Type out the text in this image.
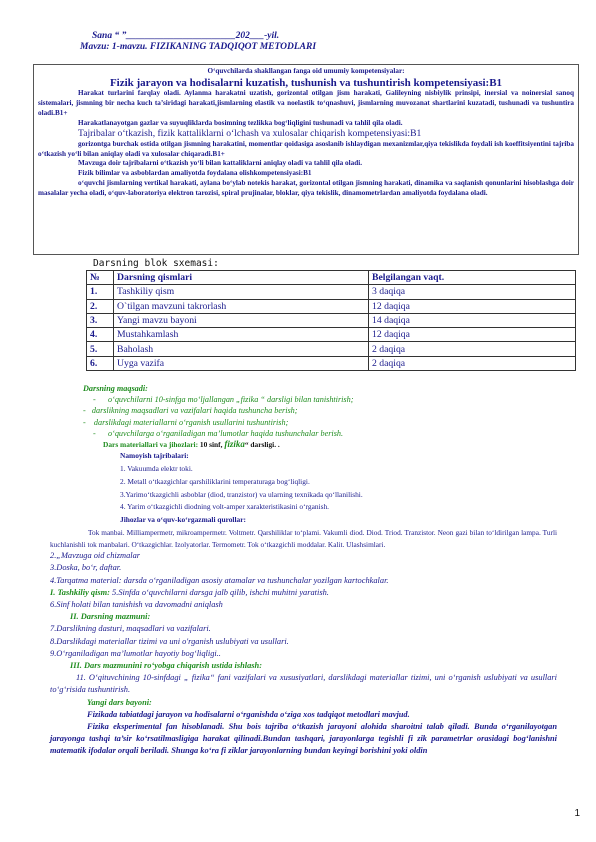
Sana “ ”_______________________202___-yil.
Mavzu: 1-mavzu. FIZIKANING TADQIQOT METODLARI

O‘quvchilarda shakllangan fanga oid umumiy kompetensiyalar:

Fizik jarayon va hodisalarni kuzatish, tushunish va tushuntirish kompetensiyasi:B1

Harakat turlarini farqlay oladi. Aylanma harakatni uzatish, gorizontal otilgan jism harakati, Galileyning nisbiylik prinsipi, inersial va noinersial sanoq sistemalari, jismning bir necha kuch ta’siridagi harakati,jismlarning elastik va noelastik to‘qnashuvi, jismlarning muvozanat shartlarini kuzatadi, tushunadi va tushuntira oladi.B1+

Harakatlanayotgan gazlar va suyuqliklarda bosimning tezlikka bog‘liqligini tushunadi va tahlil qila oladi.

Tajribalar o‘tkazish, fizik kattaliklarni o‘lchash va xulosalar chiqarish kompetensiyasi:B1

gorizontga burchak ostida otilgan jismning harakatini, momentlar qoidasiga asoslanib ishlaydigan mexanizmlar,qiya tekislikda foydali ish koeffitsiyentini tajriba o‘tkazish yo‘li bilan aniqlay oladi va xulosalar chiqaradi.B1+

Mavzuga doir tajribalarni o‘tkazish yo‘li bilan kattaliklarni aniqlay oladi va tahlil qila oladi.

Fizik bilimlar va asboblardan amaliyotda foydalana olishkompetensiyasi:B1

o‘quvchi jismlarning vertikal harakati, aylana bo‘ylab notekis harakat, gorizontal otilgan jismning harakati, dinamika va saqlanish qonunlarini hisoblashga doir masalalar yecha oladi, o‘quv-laboratoriya elektron tarozisi, spiral prujinalar, bloklar, qiya tekislik, dinamometrlardan amaliyotda foydalana oladi.

Darsning blok sxemasi:
№	Darsning qismlari	Belgilangan vaqt.
1.	Tashkiliy qism	3 daqiqa
2.	O`tilgan mavzuni takrorlash	12 daqiqa
3.	Yangi mavzu bayoni	14 daqiqa
4.	Mustahkamlash	12 daqiqa
5.	Baholash	2 daqiqa
6.	Uyga vazifa	2 daqiqa

Darsning maqsadi:

-      o‘quvchilarni 10-sinfga mo‘ljallangan „fizika “ darsligi bilan tanishtirish;

-   darslikning maqsadlari va vazifalari haqida tushuncha berish;

-    darslikdagi materiallarni o‘rganish usullarini tushuntirish;

-      o‘quvchilarga o‘rganiladigan ma’lumotlar haqida tushunchalar berish.

Dars materiallari va jihozlari: 10 sinf, fizika“ darsligi. .

Namoyish tajribalari:

1. Vakuumda elektr toki.

2. Metall o‘tkazgichlar qarshiliklarini temperaturaga bog‘liqligi.

3.Yarimo‘tkazgichli asboblar (diod, tranzistor) va ularning texnikada qo‘llanilishi.

4. Yarim o‘tkazgichli diodning volt-amper xarakteristikasini o‘rganish.

Jihozlar va o‘quv-ko‘rgazmali qurollar:

Tok manbai. Milliampermetr, mikroampermetr. Voltmetr. Qarshiliklar to‘plami. Vakumli diod. Diod. Triod. Tranzistor. Neon gazi bilan to‘ldirilgan lampa. Turli kuchlanishli tok manbalari. O‘tkazgichlar. Izolyatorlar. Termometr. Tok o‘tkazgichli moddalar. Kalit. Ulashsimlari.

2.„Mavzuga oid chizmalar

3.Doska, bo‘r, daftar.

4.Tarqatma material: darsda o‘rganiladigan asosiy atamalar va tushunchalar yozilgan kartochkalar.

I. Tashkiliy qism: 5.Sinfda o‘quvchilarni darsga jalb qilib, ishchi muhitni yaratish.

6.Sinf holati bilan tanishish va davomadni aniqlash

II. Darsning mazmuni:

7.Darslikning dasturi, maqsadlari va vazifalari.

8.Darslikdagi materiallar tizimi va uni o'rganish uslubiyati va usullari.

9.O‘rganiladigan ma’lumotlar hayotiy bog‘liqligi..

III. Dars mazmunini ro‘yobga chiqarish ustida ishlash:

11. O‘qituvchining 10-sinfdagi „ fizika“ fani vazifalari va xususiyatlari, darslikdagi materiallar tizimi, uni o‘rganish uslubiyati va usullari to‘g‘risida tushuntirish.

Yangi dars bayoni:

Fizikada tabiatdagi jarayon va hodisalarni o‘rganishda o‘ziga xos tadqiqot metodlari mavjud.

Fizika eksperimental fan hisoblanadi. Shu bois tajriba o‘tkazish jarayoni alohida sharoitni talab qiladi. Bunda o‘rganilayotgan jarayonga tashqi ta’sir ko‘rsatilmasligiga harakat qilinadi.Bundan tashqari, jarayonlarga tegishli fi zik parametrlar orasidagi bog‘lanishni matematik ifodalar orqali beriladi. Shunga ko‘ra fi ziklar jarayonlarning bundan keyingi borishini yoki oldin

1
